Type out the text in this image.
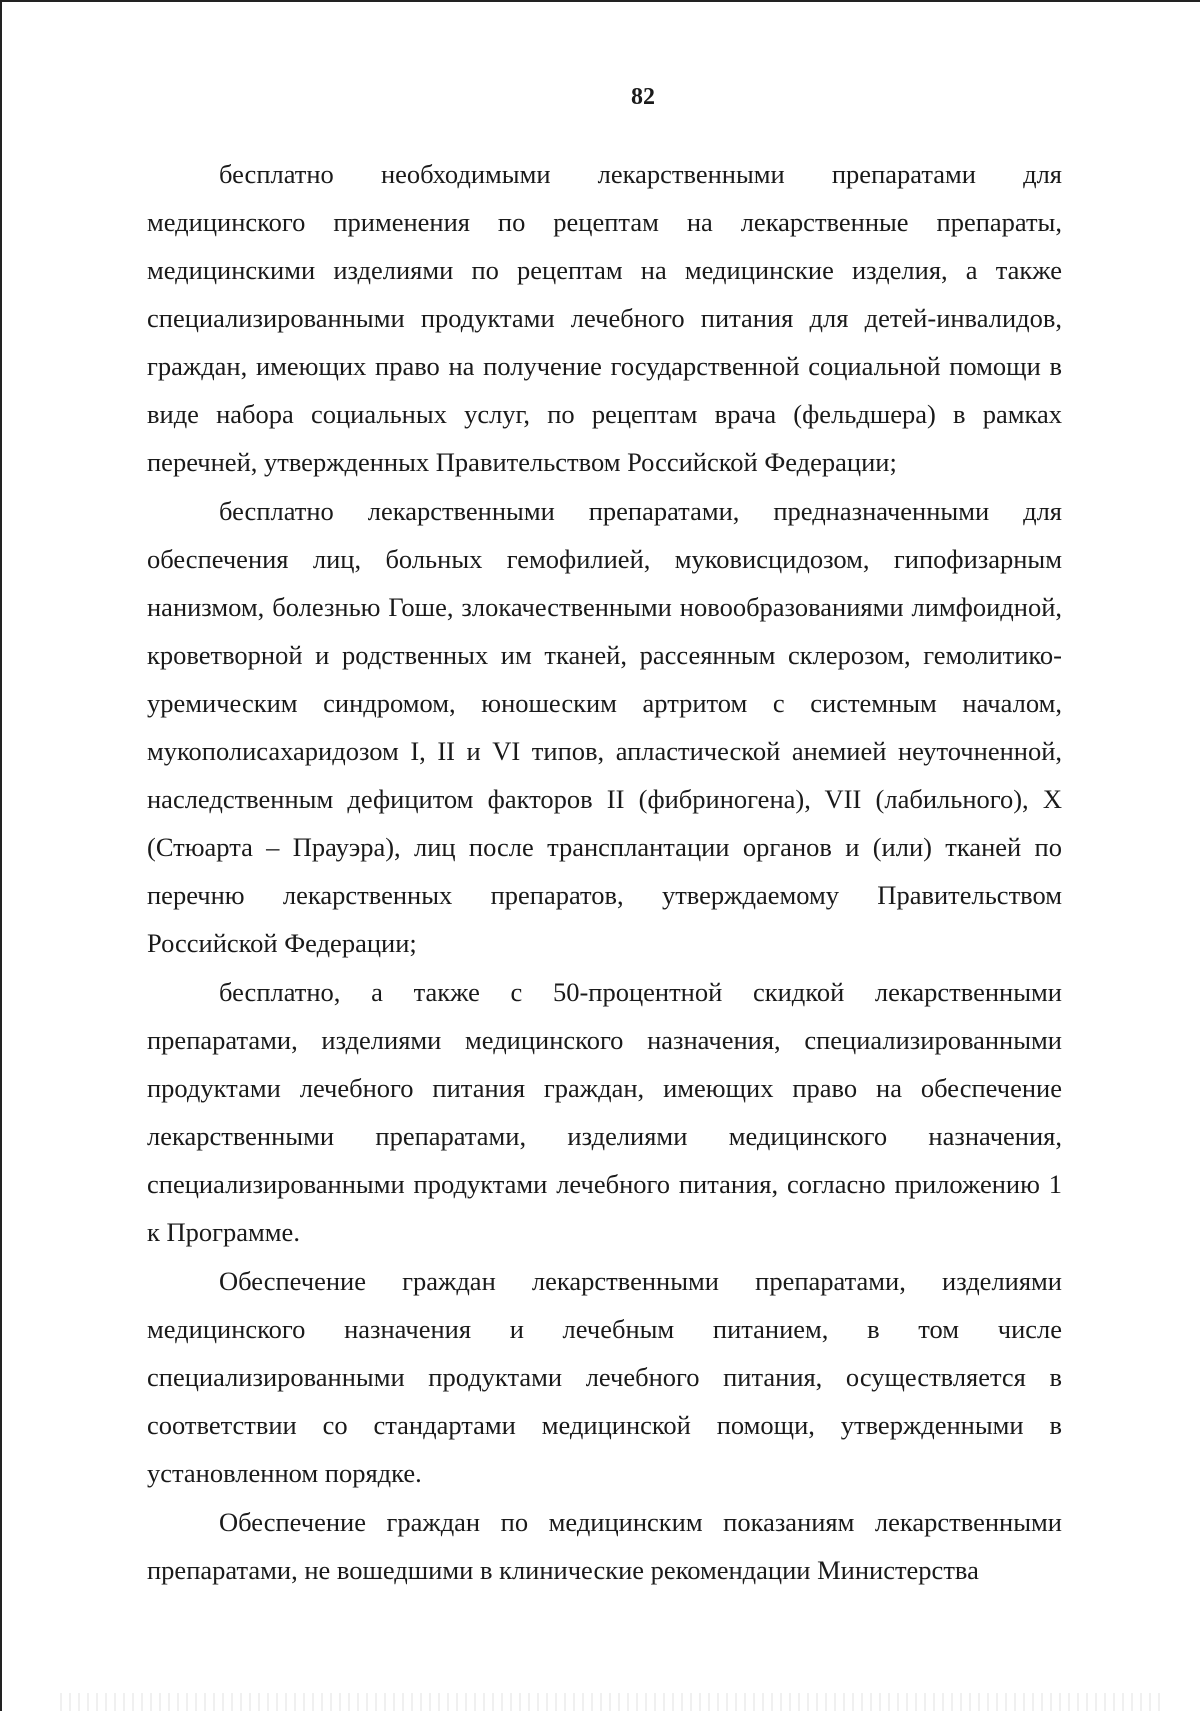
82

бесплатно необходимыми лекарственными препаратами для медицинского применения по рецептам на лекарственные препараты, медицинскими изделиями по рецептам на медицинские изделия, а также специализированными продуктами лечебного питания для детей-инвалидов, граждан, имеющих право на получение государственной социальной помощи в виде набора социальных услуг, по рецептам врача (фельдшера) в рамках перечней, утвержденных Правительством Российской Федерации;

бесплатно лекарственными препаратами, предназначенными для обеспечения лиц, больных гемофилией, муковисцидозом, гипофизарным нанизмом, болезнью Гоше, злокачественными новообразованиями лимфоидной, кроветворной и родственных им тканей, рассеянным склерозом, гемолитико-уремическим синдромом, юношеским артритом с системным началом, мукополисахаридозом I, II и VI типов, апластической анемией неуточненной, наследственным дефицитом факторов II (фибриногена), VII (лабильного), X (Стюарта – Прауэра), лиц после трансплантации органов и (или) тканей по перечню лекарственных препаратов, утверждаемому Правительством Российской Федерации;

бесплатно, а также с 50-процентной скидкой лекарственными препаратами, изделиями медицинского назначения, специализированными продуктами лечебного питания граждан, имеющих право на обеспечение лекарственными препаратами, изделиями медицинского назначения, специализированными продуктами лечебного питания, согласно приложению 1 к Программе.

Обеспечение граждан лекарственными препаратами, изделиями медицинского назначения и лечебным питанием, в том числе специализированными продуктами лечебного питания, осуществляется в соответствии со стандартами медицинской помощи, утвержденными в установленном порядке.

Обеспечение граждан по медицинским показаниям лекарственными препаратами, не вошедшими в клинические рекомендации Министерства
